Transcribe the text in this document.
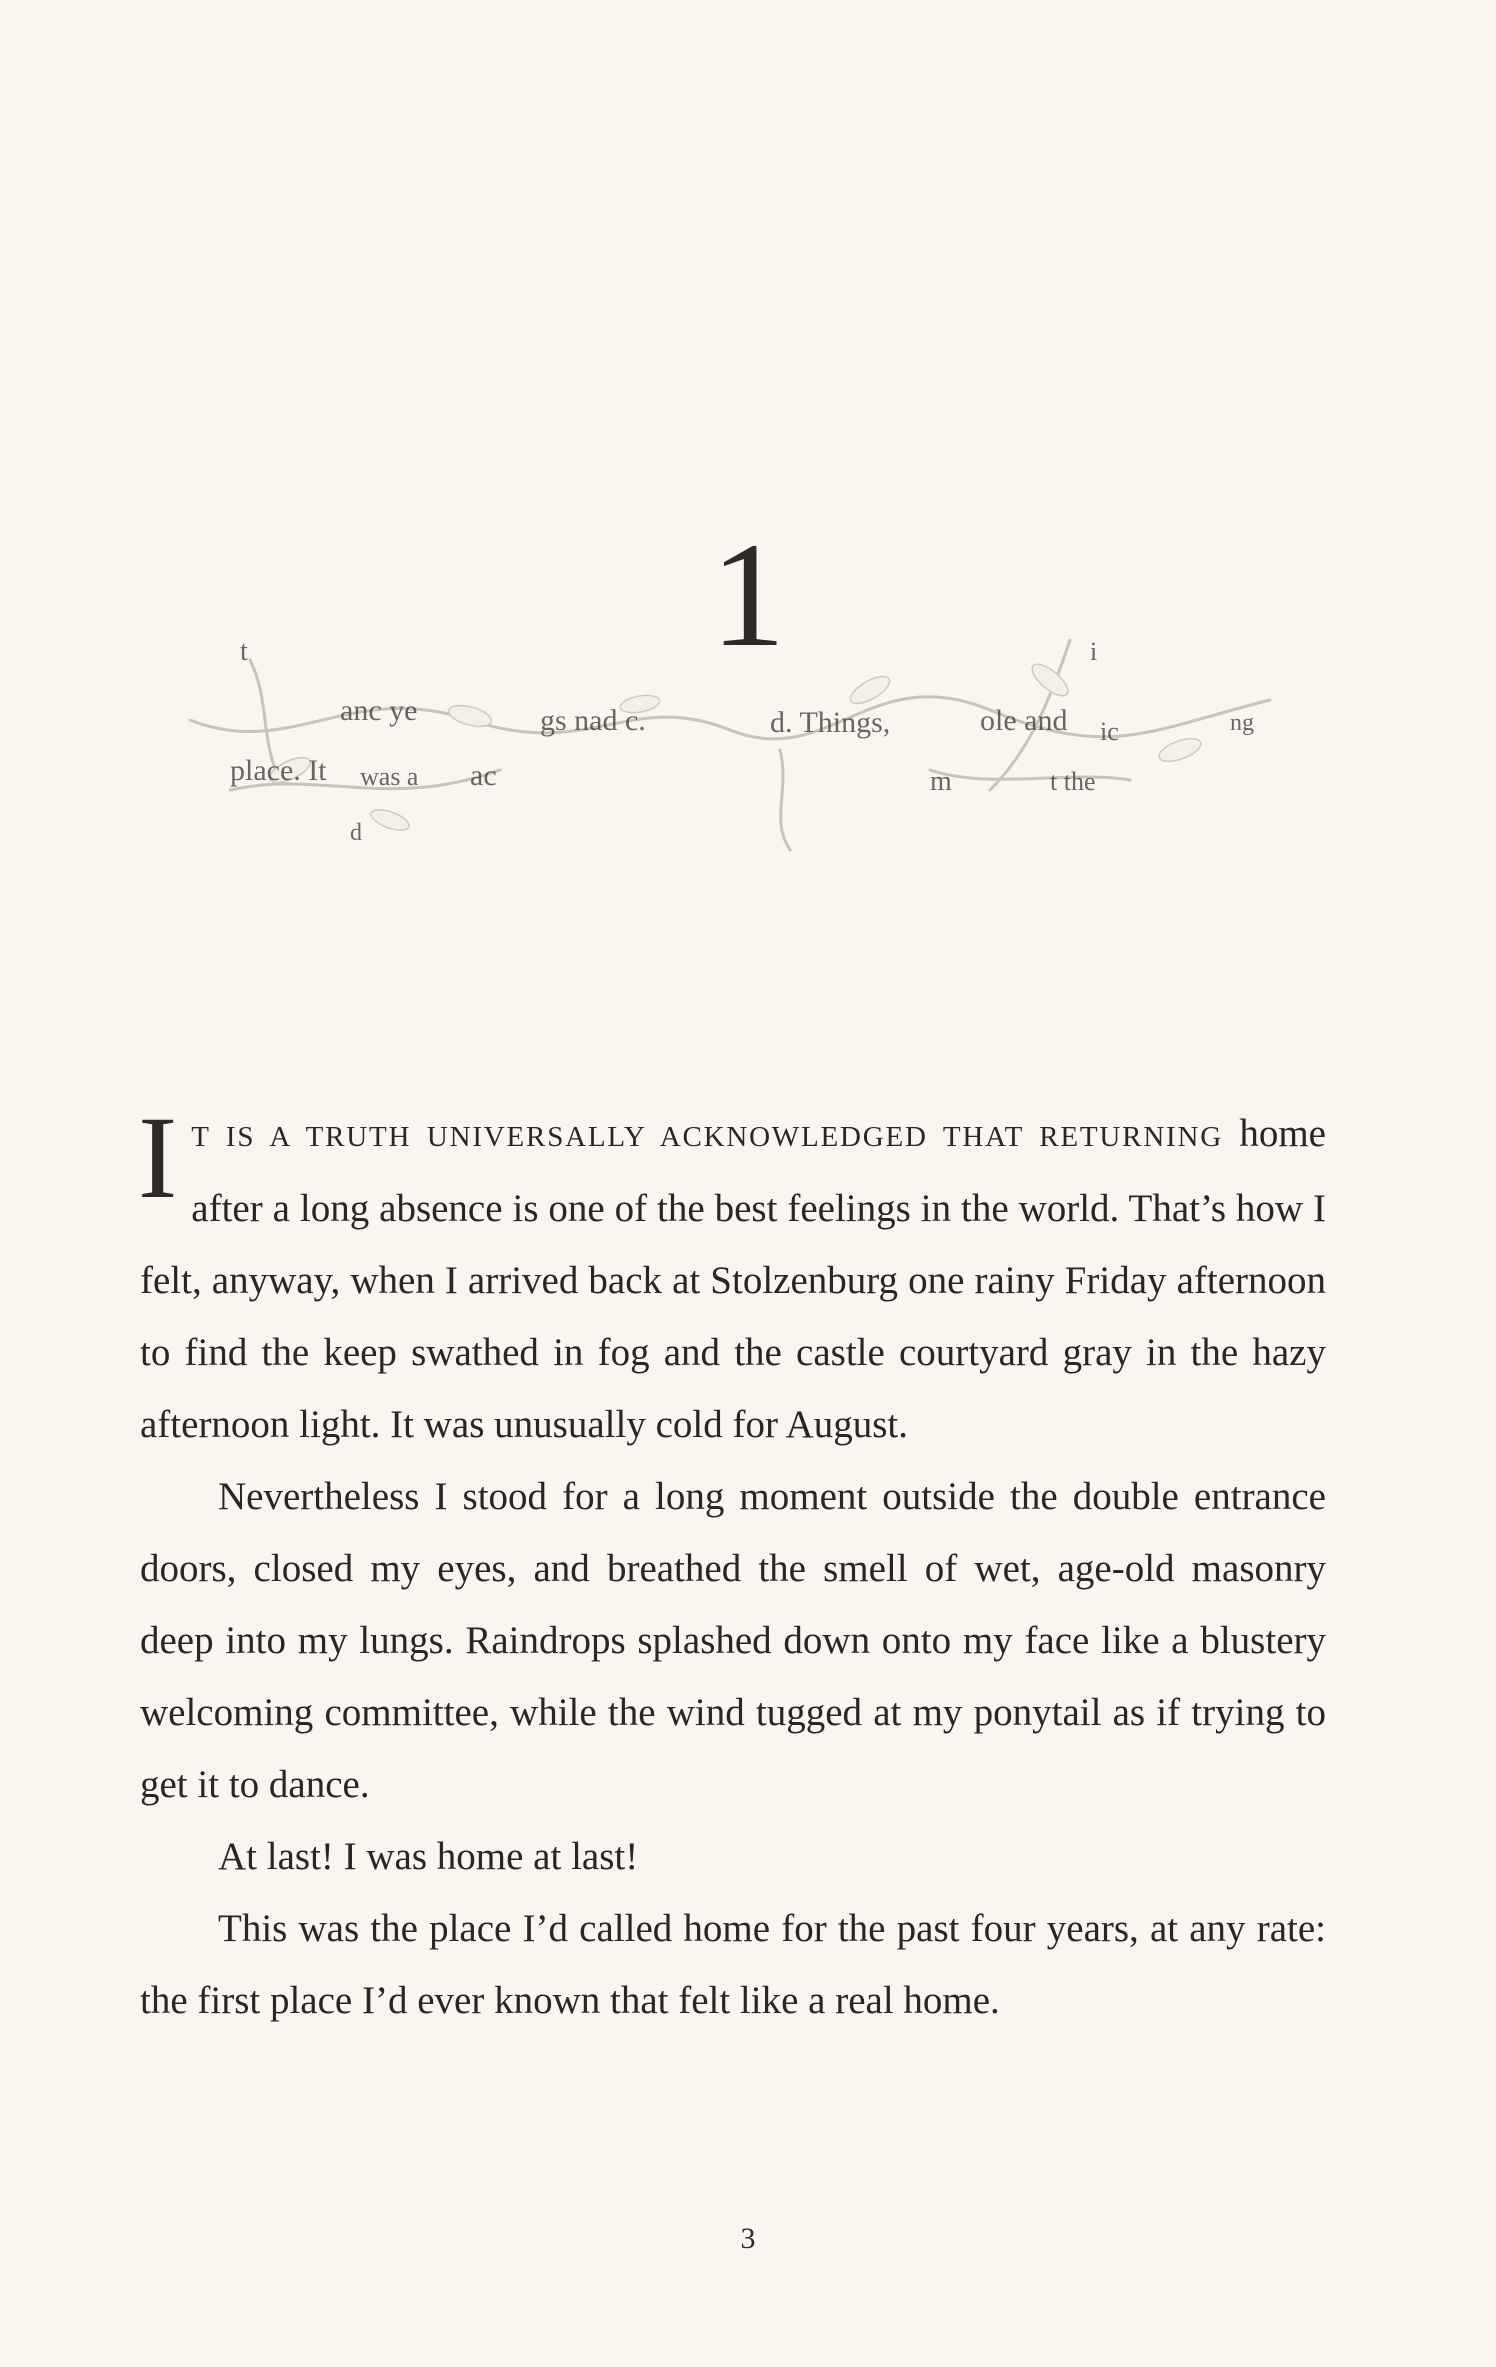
1
t
anc ye	gs nad c.	d. Things,	ole and ic
i
place. It was a ac	m	t the
d
ng

IT IS A TRUTH UNIVERSALLY ACKNOWLEDGED THAT RETURNING home after a long absence is one of the best feelings in the world. That’s how I felt, anyway, when I arrived back at Stolzenburg one rainy Friday afternoon to find the keep swathed in fog and the castle courtyard gray in the hazy afternoon light. It was unusually cold for August.

Nevertheless I stood for a long moment outside the double entrance doors, closed my eyes, and breathed the smell of wet, age-old masonry deep into my lungs. Raindrops splashed down onto my face like a blustery welcoming committee, while the wind tugged at my ponytail as if trying to get it to dance.

At last! I was home at last!

This was the place I’d called home for the past four years, at any rate: the first place I’d ever known that felt like a real home.

3
